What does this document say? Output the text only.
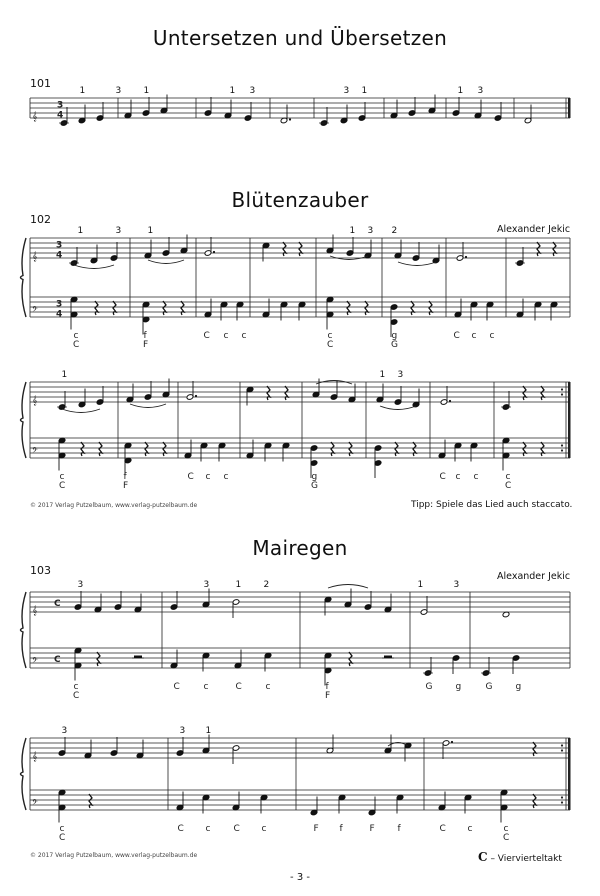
Untersetzen und Übersetzen
101
Blütenzauber
102
Alexander Jekic
© 2017 Verlag Putzelbaum, www.verlag-putzelbaum.de	Tipp: Spiele das Lied auch staccato.
Mairegen
103	Alexander Jekic
© 2017 Verlag Putzelbaum, www.verlag-putzelbaum.de	C – Viervierteltakt
- 3 -
𝄞
3
4
1	3 1	1 3	3 1	1 3
𝄞
𝄢
3
4
3
4
1	3	1	1 3 2
c
C
f
F
C c c	c
C
g
G
C c c
𝄞
𝄢
1	1 3
c
C
f
F
C c c	g
G
C c c	c
C
𝄞
𝄢
C
C
3	3	1 2	1	3
c
C
C	c	C	c	f
F
G	g	G	g
𝄞
𝄢
3	3 1
c
C
C c	C c	F f	F	f	C c	c
C
